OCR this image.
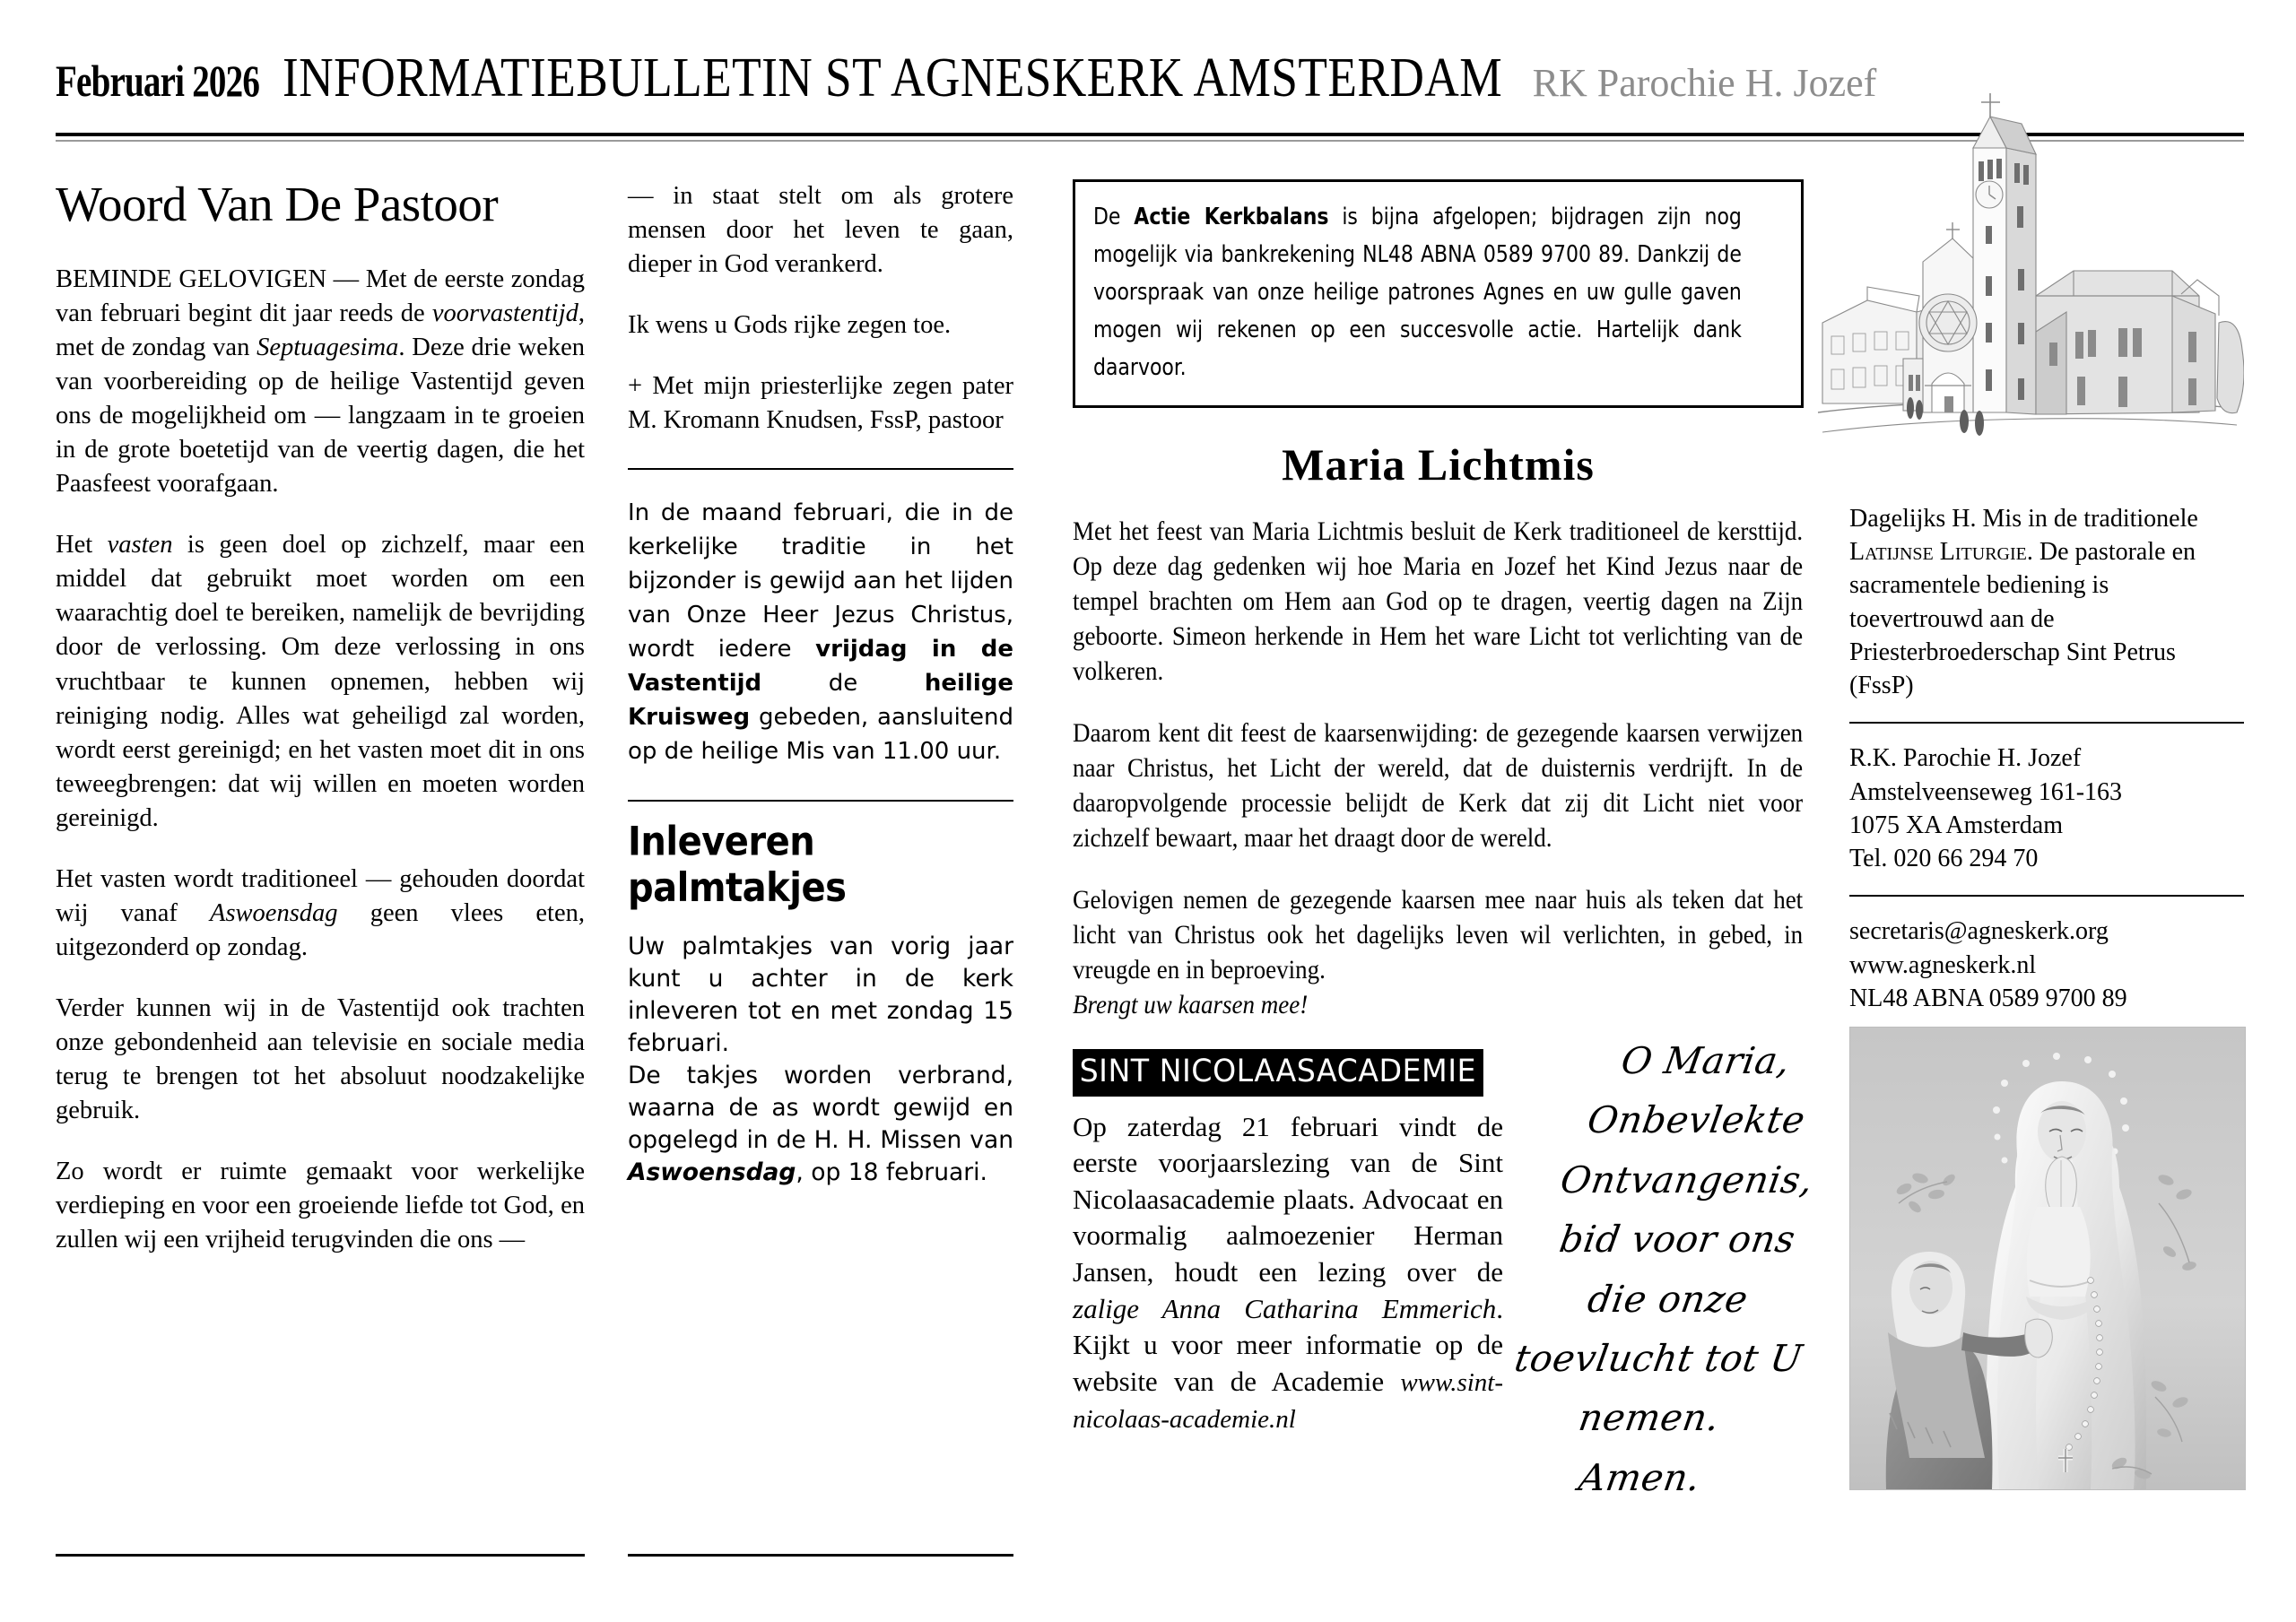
Februari 2026 INFORMATIEBULLETIN ST AGNESKERK AMSTERDAM RK Parochie H. Jozef
Woord Van De Pastoor

BEMINDE GELOVIGEN — Met de eerste zondag van februari begint dit jaar reeds de voorvastentijd, met de zondag van Septuagesima. Deze drie weken van voorbereiding op de heilige Vastentijd geven ons de mogelijkheid om — langzaam in te groeien in de grote boetetijd van de veertig dagen, die het Paasfeest voorafgaan.

Het vasten is geen doel op zichzelf, maar een middel dat gebruikt moet worden om een waarachtig doel te bereiken, namelijk de bevrijding door de verlossing. Om deze verlossing in ons vruchtbaar te kunnen opnemen, hebben wij reiniging nodig. Alles wat geheiligd zal worden, wordt eerst gereinigd; en het vasten moet dit in ons teweegbrengen: dat wij willen en moeten worden gereinigd.

Het vasten wordt traditioneel — gehouden doordat wij vanaf Aswoensdag geen vlees eten, uitgezonderd op zondag.

Verder kunnen wij in de Vastentijd ook trachten onze gebondenheid aan televisie en sociale media terug te brengen tot het absoluut noodzakelijke gebruik.

Zo wordt er ruimte gemaakt voor werkelijke verdieping en voor een groeiende liefde tot God, en zullen wij een vrijheid terugvinden die ons —

— in staat stelt om als grotere mensen door het leven te gaan, dieper in God verankerd.

Ik wens u Gods rijke zegen toe.

+ Met mijn priesterlijke zegen pater M. Kromann Knudsen, FssP, pastoor

In de maand februari, die in de kerkelijke traditie in het bijzonder is gewijd aan het lijden van Onze Heer Jezus Christus, wordt iedere vrijdag in de Vastentijd de heilige Kruisweg gebeden, aansluitend op de heilige Mis van 11.00 uur.

Inleveren palmtakjes

Uw palmtakjes van vorig jaar kunt u achter in de kerk inleveren tot en met zondag 15 februari.

De takjes worden verbrand, waarna de as wordt gewijd en opgelegd in de H. H. Missen van Aswoensdag, op 18 februari.

De Actie Kerkbalans is bijna afgelopen; bijdragen zijn nog mogelijk via bankrekening NL48 ABNA 0589 9700 89. Dankzij de voorspraak van onze heilige patrones Agnes en uw gulle gaven mogen wij rekenen op een succesvolle actie. Hartelijk dank daarvoor.

Maria Lichtmis

Met het feest van Maria Lichtmis besluit de Kerk traditioneel de kersttijd. Op deze dag gedenken wij hoe Maria en Jozef het Kind Jezus naar de tempel brachten om Hem aan God op te dragen, veertig dagen na Zijn geboorte. Simeon herkende in Hem het ware Licht tot verlichting van de volkeren.

Daarom kent dit feest de kaarsenwijding: de gezegende kaarsen verwijzen naar Christus, het Licht der wereld, dat de duisternis verdrijft. In de daaropvolgende processie belijdt de Kerk dat zij dit Licht niet voor zichzelf bewaart, maar het draagt door de wereld.

Gelovigen nemen de gezegende kaarsen mee naar huis als teken dat het licht van Christus ook het dagelijks leven wil verlichten, in gebed, in vreugde en in beproeving.
Brengt uw kaarsen mee!

SINT NICOLAASACADEMIE

Op zaterdag 21 februari vindt de eerste voorjaarslezing van de Sint Nicolaasacademie plaats. Advocaat en voormalig aalmoezenier Herman Jansen, houdt een lezing over de zalige Anna Catharina Emmerich. Kijkt u voor meer informatie op de website van de Academie www.sint-nicolaas-academie.nl

O Maria,
Onbevlekte
Ontvangenis,
bid voor ons
die onze
toevlucht tot U
nemen.
Amen.
Dagelijks H. Mis in de traditionele Latijnse Liturgie. De pastorale en sacramentele bediening is toevertrouwd aan de Priesterbroederschap Sint Petrus (FssP)
R.K. Parochie H. Jozef
Amstelveenseweg 161-163
1075 XA Amsterdam
Tel. 020 66 294 70
secretaris@agneskerk.org
www.agneskerk.nl
NL48 ABNA 0589 9700 89
